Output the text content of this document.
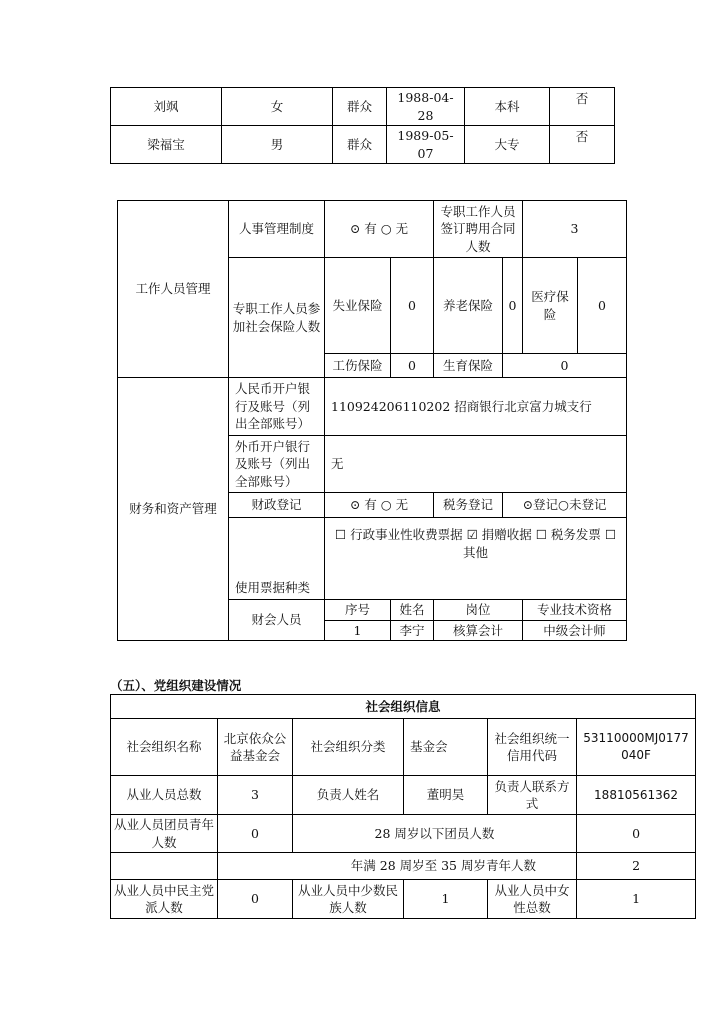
刘飒	女	群众	1988-04-28	本科	否
梁福宝	男	群众	1989-05-07	大专	否
工作人员管理	人事管理制度	⊙ 有 ○ 无		专职工作人员签订聘用合同人数		3	
	专职工作人员参加社会保险人数	失业保险	0	养老保险	0	医疗保险	0
		工伤保险	0	生育保险	0		
财务和资产管理	人民币开户银行及账号（列出全部账号）	110924206110202 招商银行北京富力城支行					
	外币开户银行及账号（列出全部账号）	无					
	财政登记	⊙ 有 ○ 无		税务登记	⊙登记○未登记		
	使用票据种类	☐ 行政事业性收费票据 ☑ 捐赠收据 ☐ 税务发票 ☐ 其他					
	财会人员	序号	姓名	岗位		专业技术资格	
		1	李宁	核算会计		中级会计师	
（五）、党组织建设情况
社会组织信息					
社会组织名称	北京依众公益基金会	社会组织分类	基金会	社会组织统一信用代码	53110000MJ0177040F
从业人员总数	3	负责人姓名	董明昊	负责人联系方式	18810561362
从业人员团员青年人数	0	28 周岁以下团员人数			0
	年满 28 周岁至 35 周岁青年人数				2
从业人员中民主党派人数	0	从业人员中少数民族人数	1	从业人员中女性总数	1
